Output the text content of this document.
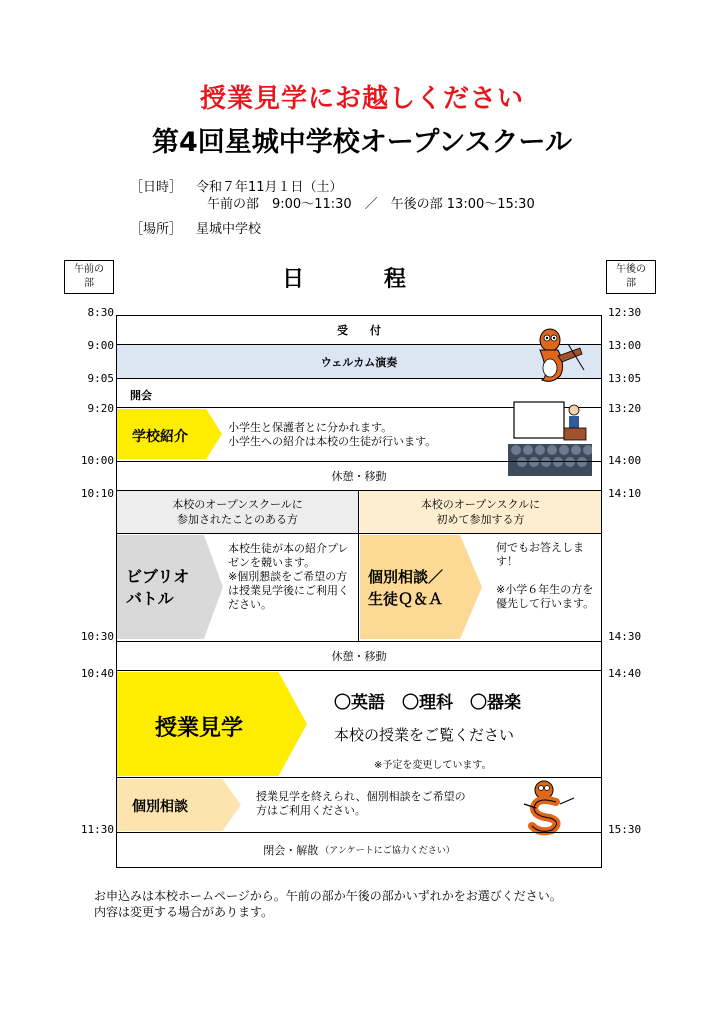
授業見学にお越しください
第4回星城中学校オープンスクール
［日時］ 令和７年11月１日（土）
午前の部　9:00～11:30　／　午後の部 13:00～15:30
［場所］ 星城中学校
午前の部
午後の部
日 程
8:30
9:00
9:05
9:20
10:00
10:10
10:30
10:40
11:30
12:30
13:00
13:05
13:20
14:00
14:10
14:30
14:40
15:30
受　　付
ウェルカム演奏
開会
学校紹介
小学生と保護者とに分かれます。
小学生への紹介は本校の生徒が行います。
休憩・移動
本校のオープンスクールに
参加されたことのある方
本校のオープンスクルに
初めて参加する方
ビブリオ
バトル
本校生徒が本の紹介プレゼンを競います。
※個別懇談をご希望の方は授業見学後にご利用ください。
個別相談／
生徒Ｑ＆Ａ
何でもお答えします！

※小学６年生の方を優先して行います。
休憩・移動
授業見学
〇英語　〇理科　〇器楽
本校の授業をご覧ください
※予定を変更しています。
個別相談
授業見学を終えられ、個別相談をご希望の方はご利用ください。
閉会・解散 （アンケートにご協力ください）
お申込みは本校ホームページから。午前の部か午後の部かいずれかをお選びください。
内容は変更する場合があります。
